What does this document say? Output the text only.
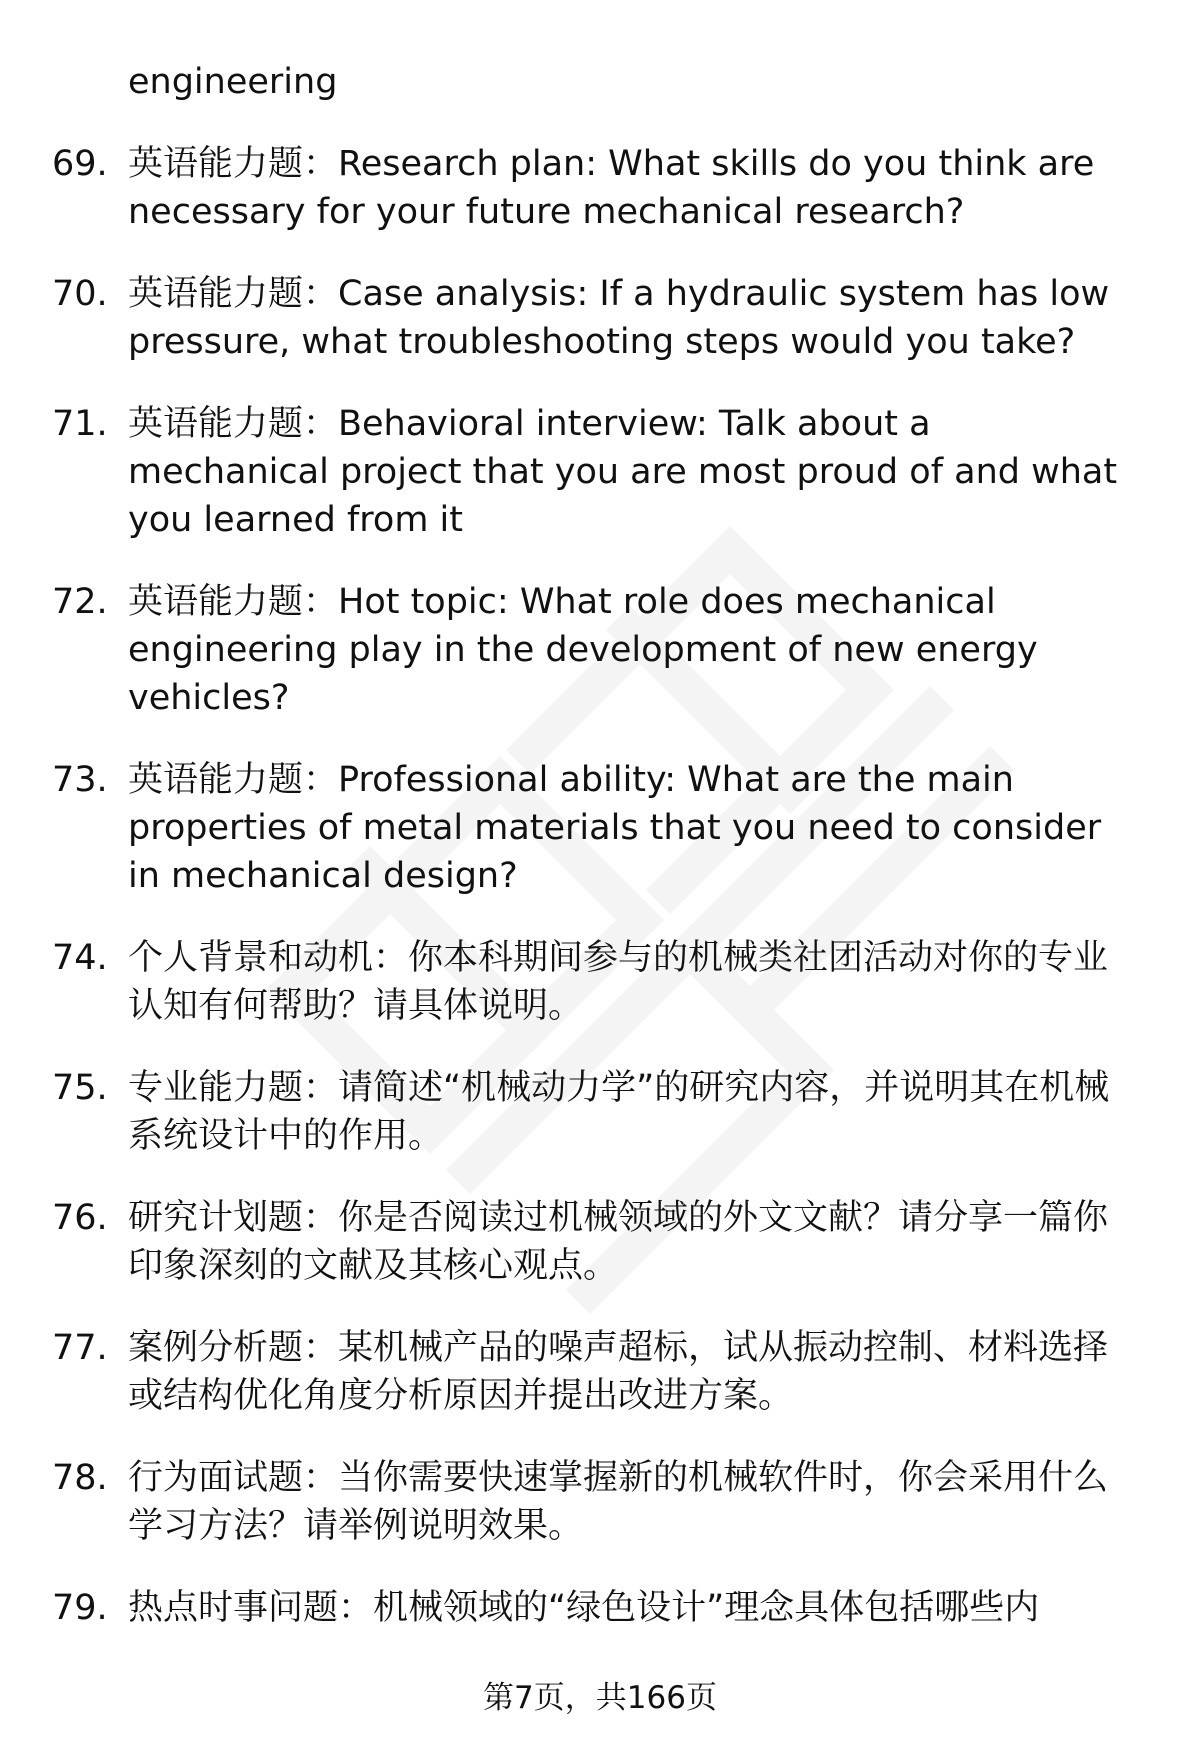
engineering
69. 英语能力题：Research plan: What skills do you think are necessary for your future mechanical research?
70. 英语能力题：Case analysis: If a hydraulic system has low pressure, what troubleshooting steps would you take?
71. 英语能力题：Behavioral interview: Talk about a mechanical project that you are most proud of and what you learned from it
72. 英语能力题：Hot topic: What role does mechanical engineering play in the development of new energy vehicles?
73. 英语能力题：Professional ability: What are the main properties of metal materials that you need to consider in mechanical design?
74. 个人背景和动机：你本科期间参与的机械类社团活动对你的专业认知有何帮助？请具体说明。
75. 专业能力题：请简述“机械动力学”的研究内容，并说明其在机械系统设计中的作用。
76. 研究计划题：你是否阅读过机械领域的外文文献？请分享一篇你印象深刻的文献及其核心观点。
77. 案例分析题：某机械产品的噪声超标，试从振动控制、材料选择或结构优化角度分析原因并提出改进方案。
78. 行为面试题：当你需要快速掌握新的机械软件时，你会采用什么学习方法？请举例说明效果。
79. 热点时事问题：机械领域的“绿色设计”理念具体包括哪些内
第7页，共166页
